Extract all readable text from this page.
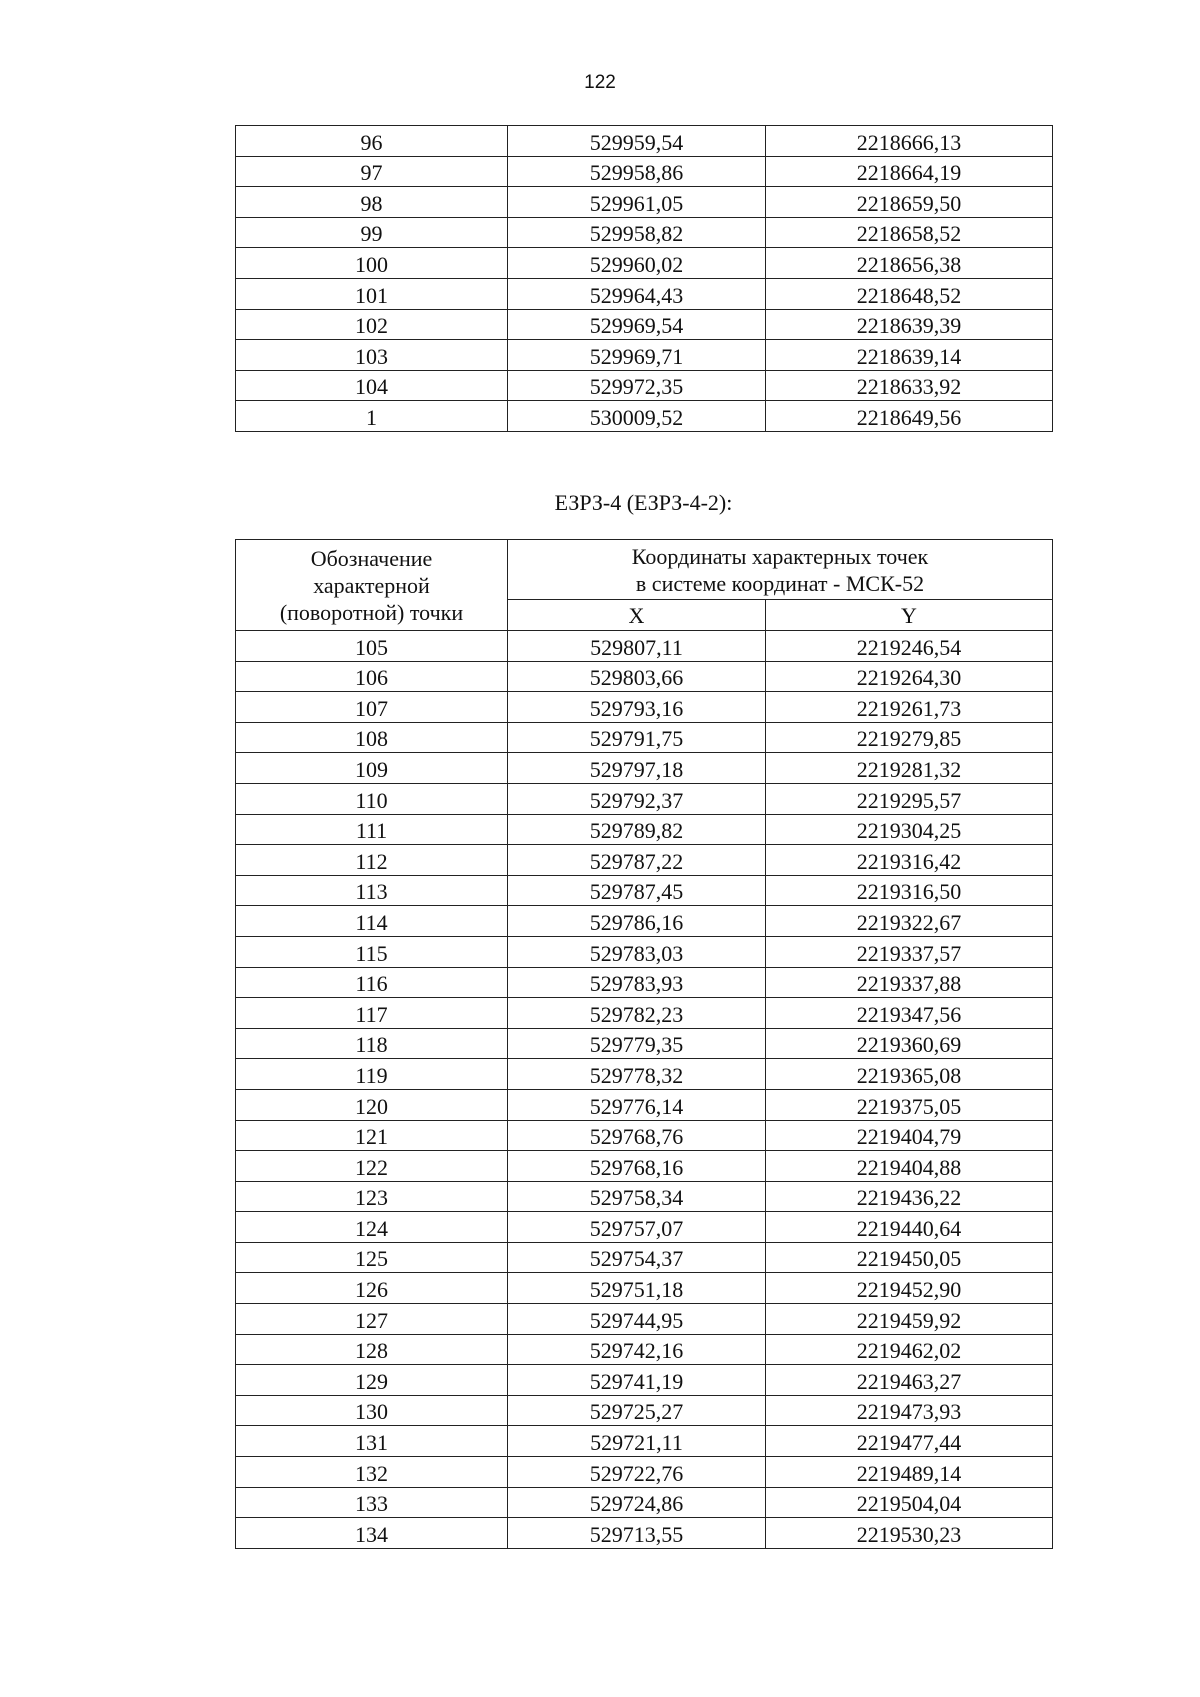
122
96	529959,54	2218666,13
97	529958,86	2218664,19
98	529961,05	2218659,50
99	529958,82	2218658,52
100	529960,02	2218656,38
101	529964,43	2218648,52
102	529969,54	2218639,39
103	529969,71	2218639,14
104	529972,35	2218633,92
1	530009,52	2218649,56
ЕЗРЗ-4 (ЕЗРЗ-4-2):
Обозначение
характерной
(поворотной) точки	Координаты характерных точек
в системе координат - МСК-52	

	X	Y
105	529807,11	2219246,54
106	529803,66	2219264,30
107	529793,16	2219261,73
108	529791,75	2219279,85
109	529797,18	2219281,32
110	529792,37	2219295,57
111	529789,82	2219304,25
112	529787,22	2219316,42
113	529787,45	2219316,50
114	529786,16	2219322,67
115	529783,03	2219337,57
116	529783,93	2219337,88
117	529782,23	2219347,56
118	529779,35	2219360,69
119	529778,32	2219365,08
120	529776,14	2219375,05
121	529768,76	2219404,79
122	529768,16	2219404,88
123	529758,34	2219436,22
124	529757,07	2219440,64
125	529754,37	2219450,05
126	529751,18	2219452,90
127	529744,95	2219459,92
128	529742,16	2219462,02
129	529741,19	2219463,27
130	529725,27	2219473,93
131	529721,11	2219477,44
132	529722,76	2219489,14
133	529724,86	2219504,04
134	529713,55	2219530,23
